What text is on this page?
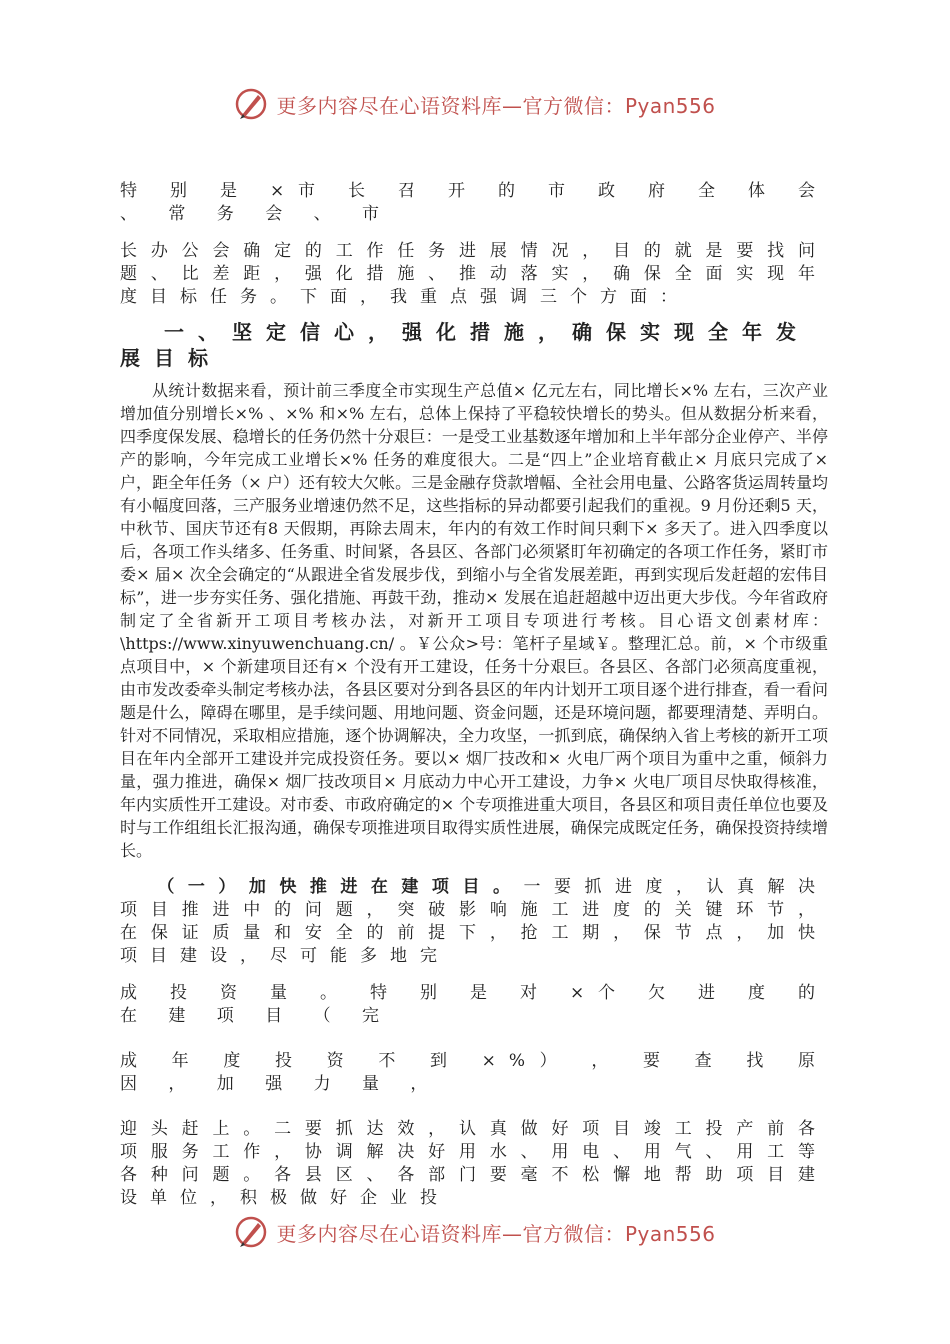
更多内容尽在心语资料库—官方微信：Pyan556
特 别 是 ×市 长 召 开 的 市 政 府 全 体 会 、 常 务 会 、 市
长办公会确定的工作任务进展情况，目的就是要找问题、比差距，强化措施、推动落实，确保全面实现年度目标任务。下面，我重点强调三个方面：
一、坚定信心，强化措施，确保实现全年发展目标
从统计数据来看，预计前三季度全市实现生产总值× 亿元左右，同比增长×% 左右，三次产业增加值分别增长×% 、×% 和×% 左右，总体上保持了平稳较快增长的势头。但从数据分析来看，四季度保发展、稳增长的任务仍然十分艰巨：一是受工业基数逐年增加和上半年部分企业停产、半停产的影响，今年完成工业增长×% 任务的难度很大。二是“四上”企业培育截止× 月底只完成了× 户，距全年任务（× 户）还有较大欠帐。三是金融存贷款增幅、全社会用电量、公路客货运周转量均有小幅度回落，三产服务业增速仍然不足，这些指标的异动都要引起我们的重视。9 月份还剩5 天，中秋节、国庆节还有8 天假期，再除去周末，年内的有效工作时间只剩下× 多天了。进入四季度以后，各项工作头绪多、任务重、时间紧，各县区、各部门必须紧盯年初确定的各项工作任务，紧盯市委× 届× 次全会确定的“从跟进全省发展步伐，到缩小与全省发展差距，再到实现后发赶超的宏伟目标”，进一步夯实任务、强化措施、再鼓干劲，推动× 发展在追赶超越中迈出更大步伐。今年省政府制定了全省新开工项目考核办法，对新开工项目专项进行考核。目心语文创素材库：\https://www.xinyuwenchuang.cn/ 。￥公众>号：笔杆子星域￥。整理汇总。前，× 个市级重点项目中，× 个新建项目还有× 个没有开工建设，任务十分艰巨。各县区、各部门必须高度重视，由市发改委牵头制定考核办法，各县区要对分到各县区的年内计划开工项目逐个进行排查，看一看问题是什么，障碍在哪里，是手续问题、用地问题、资金问题，还是环境问题，都要理清楚、弄明白。针对不同情况，采取相应措施，逐个协调解决，全力攻坚，一抓到底，确保纳入省上考核的新开工项目在年内全部开工建设并完成投资任务。要以× 烟厂技改和× 火电厂两个项目为重中之重，倾斜力量，强力推进，确保× 烟厂技改项目× 月底动力中心开工建设，力争× 火电厂项目尽快取得核准，年内实质性开工建设。对市委、市政府确定的× 个专项推进重大项目，各县区和项目责任单位也要及时与工作组组长汇报沟通，确保专项推进项目取得实质性进展，确保完成既定任务，确保投资持续增长。
（一）加快推进在建项目。一要抓进度，认真解决项目推进中的问题，突破影响施工进度的关键环节，在保证质量和安全的前提下，抢工期，保节点，加快项目建设，尽可能多地完
成 投 资 量 。 特 别 是 对 ×个 欠 进 度 的 在 建 项 目 （ 完
成 年 度 投 资 不 到 ×%） ， 要 查 找 原 因 ， 加 强 力 量 ，
迎头赶上。二要抓达效，认真做好项目竣工投产前各项服务工作，协调解决好用水、用电、用气、用工等各种问题。各县区、各部门要毫不松懈地帮助项目建设单位，积极做好企业投
更多内容尽在心语资料库—官方微信：Pyan556
